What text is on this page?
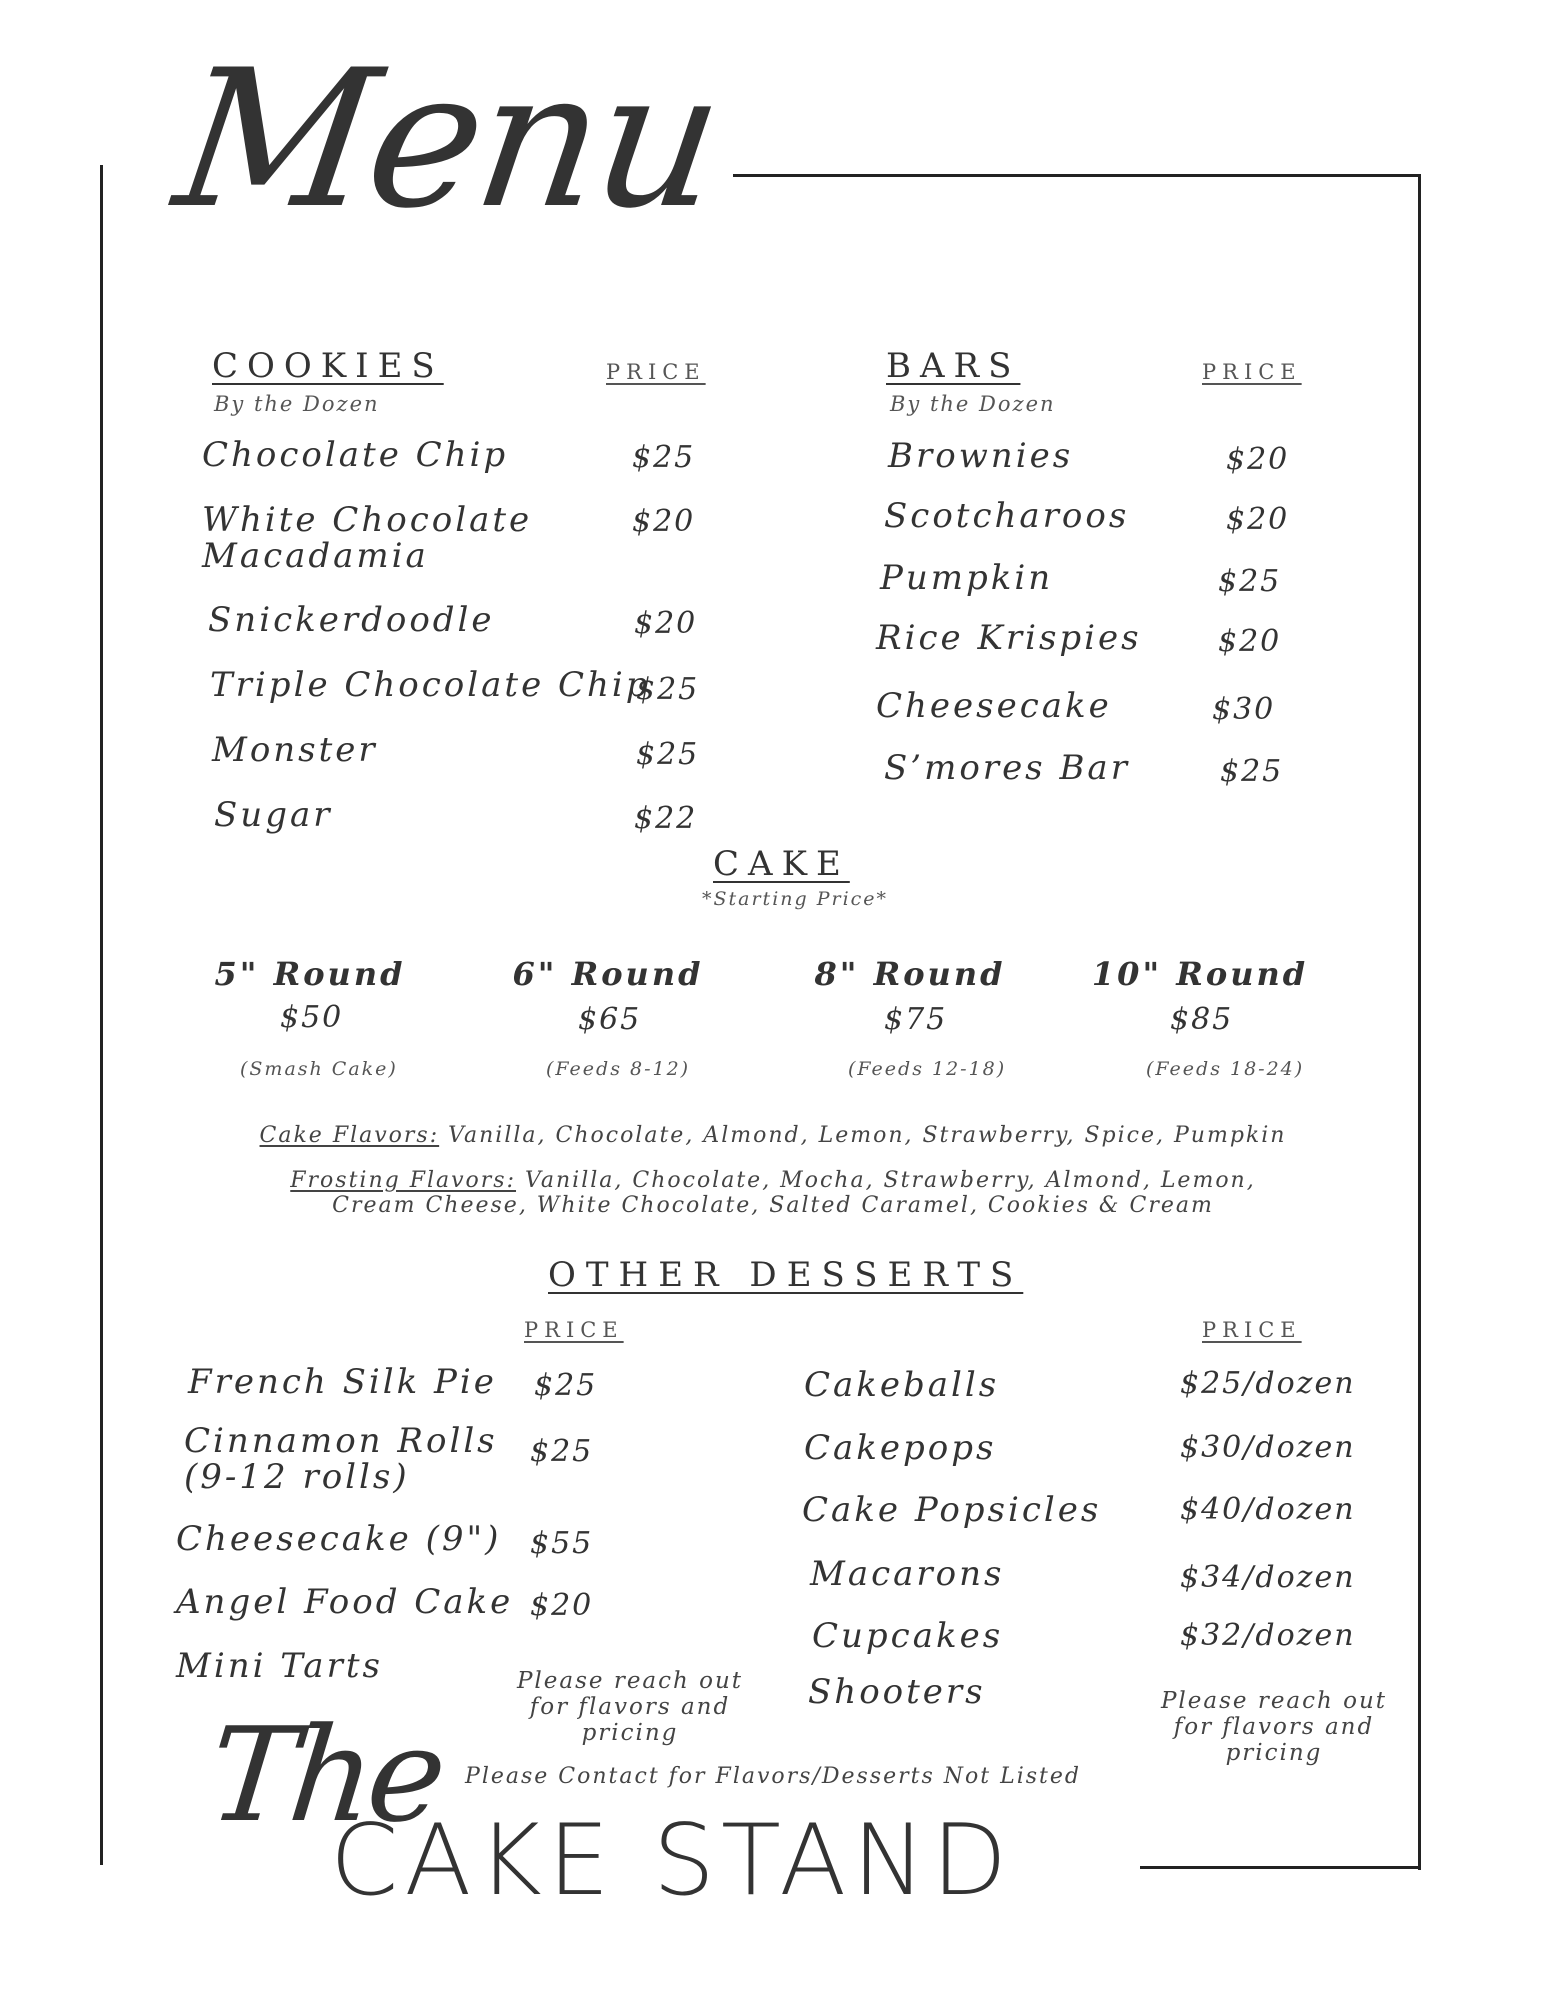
Menu
COOKIES
By the Dozen
PRICE
Chocolate Chip	$25
White Chocolate
Macadamia
$20
Snickerdoodle	$20
Triple Chocolate Chip
$25
Monster	$25
Sugar	$22
BARS
By the Dozen
PRICE
Brownies	$20
Scotcharoos	$20
Pumpkin	$25
Rice Krispies	$20
Cheesecake	$30
S’mores Bar	$25
CAKE
*Starting Price*
5" Round
$50
(Smash Cake)
6" Round
$65
(Feeds 8-12)
8" Round
$75
(Feeds 12-18)
10" Round
$85
(Feeds 18-24)
Cake Flavors: Vanilla, Chocolate, Almond, Lemon, Strawberry, Spice, Pumpkin
Frosting Flavors: Vanilla, Chocolate, Mocha, Strawberry, Almond, Lemon,
Cream Cheese, White Chocolate, Salted Caramel, Cookies & Cream
OTHER DESSERTS
PRICE	PRICE
French Silk Pie $25
Cinnamon Rolls
(9-12 rolls)
$25
Cheesecake (9") $55
Angel Food Cake $20
Mini Tarts	Please reach out
for flavors and
pricing
Cakeballs	$25/dozen
Cakepops	$30/dozen
Cake Popsicles	$40/dozen
Macarons	$34/dozen
Cupcakes	$32/dozen
Shooters	Please reach out
for flavors and
pricing
Please Contact for Flavors/Desserts Not Listed
The
CAKE STAND
